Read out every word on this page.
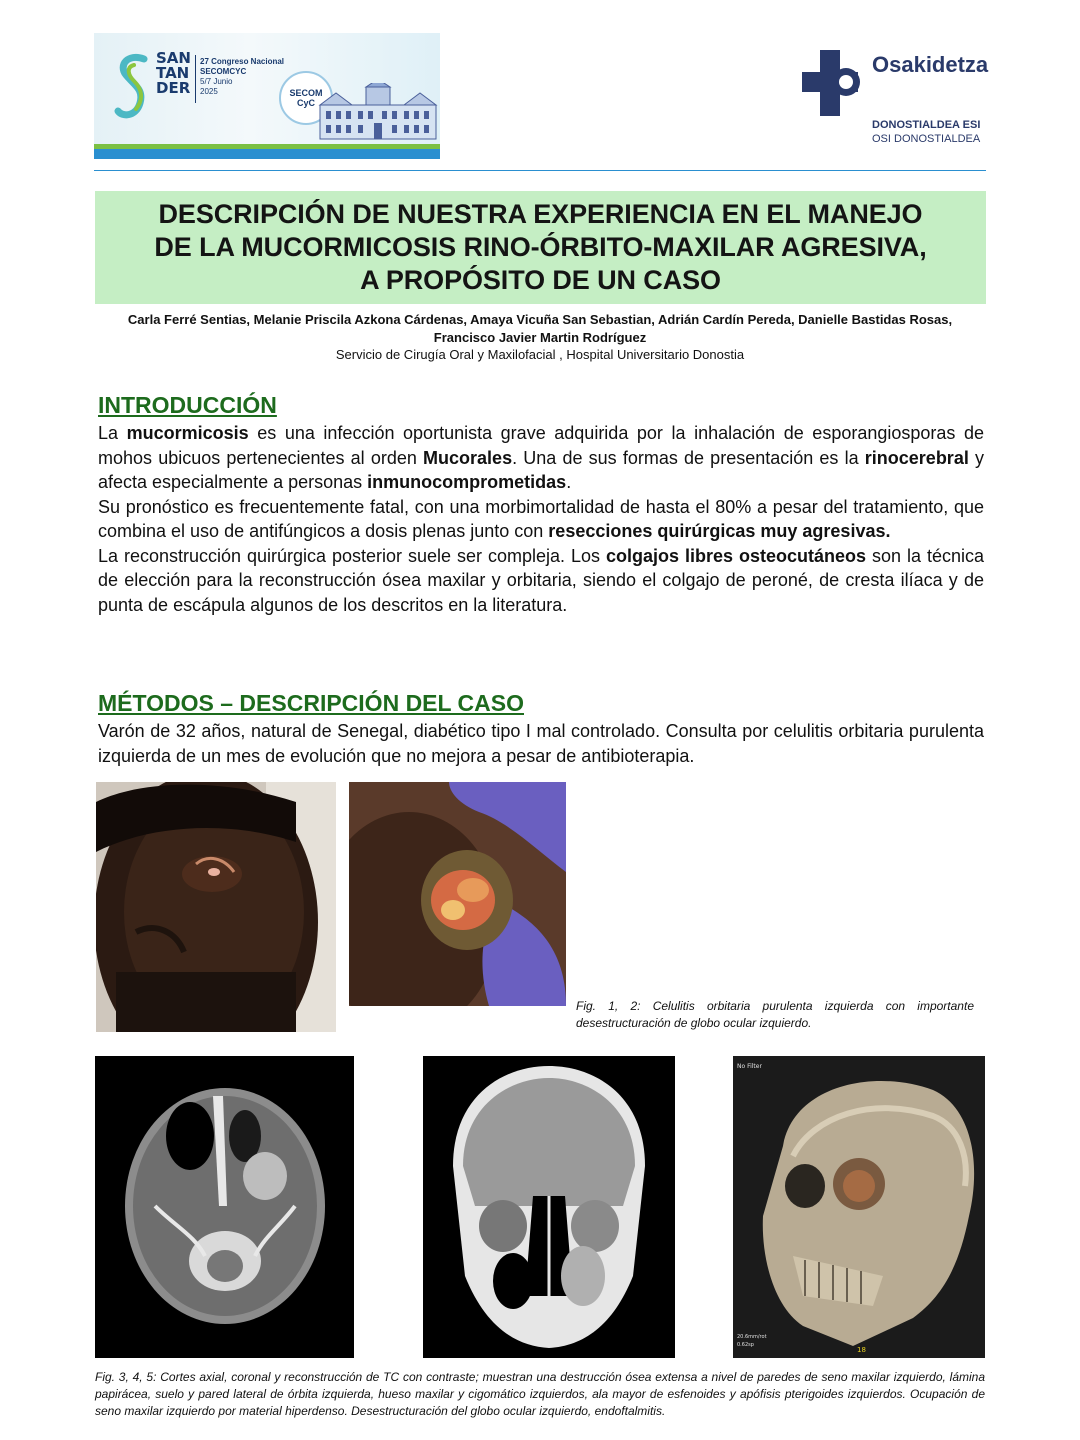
SAN
TAN
DER
27 Congreso Nacional
SECOMCYC
5/7 Junio
2025	SECOM CyC
Osakidetza
DONOSTIALDEA ESI
OSI DONOSTIALDEA
DESCRIPCIÓN DE NUESTRA EXPERIENCIA EN EL MANEJO
DE LA MUCORMICOSIS RINO-ÓRBITO-MAXILAR AGRESIVA,
A PROPÓSITO DE UN CASO
Carla Ferré Sentias, Melanie Priscila Azkona Cárdenas, Amaya Vicuña San Sebastian, Adrián Cardín Pereda, Danielle Bastidas Rosas, Francisco Javier Martin Rodríguez
Servicio de Cirugía Oral y Maxilofacial , Hospital Universitario Donostia
INTRODUCCIÓN

La mucormicosis es una infección oportunista grave adquirida por la inhalación de esporangiosporas de mohos ubicuos pertenecientes al orden Mucorales. Una de sus formas de presentación es la rinocerebral y afecta especialmente a personas inmunocomprometidas.

Su pronóstico es frecuentemente fatal, con una morbimortalidad de hasta el 80% a pesar del tratamiento, que combina el uso de antifúngicos a dosis plenas junto con resecciones quirúrgicas muy agresivas.

La reconstrucción quirúrgica posterior suele ser compleja. Los colgajos libres osteocutáneos son la técnica de elección para la reconstrucción ósea maxilar y orbitaria, siendo el colgajo de peroné, de cresta ilíaca y de punta de escápula algunos de los descritos en la literatura.

MÉTODOS – DESCRIPCIÓN DEL CASO

Varón de 32 años, natural de Senegal, diabético tipo I mal controlado. Consulta por celulitis orbitaria purulenta izquierda de un mes de evolución que no mejora a pesar de antibioterapia.

Fig. 1, 2: Celulitis orbitaria purulenta izquierda con importante desestructuración de globo ocular izquierdo.
No Filter
20.6mm/rot
0.62sp
18
Fig. 3, 4, 5: Cortes axial, coronal y reconstrucción de TC con contraste; muestran una destrucción ósea extensa a nivel de paredes de seno maxilar izquierdo, lámina papirácea, suelo y pared lateral de órbita izquierda, hueso maxilar y cigomático izquierdos, ala mayor de esfenoides y apófisis pterigoides izquierdos. Ocupación de seno maxilar izquierdo por material hiperdenso. Desestructuración del globo ocular izquierdo, endoftalmitis.
